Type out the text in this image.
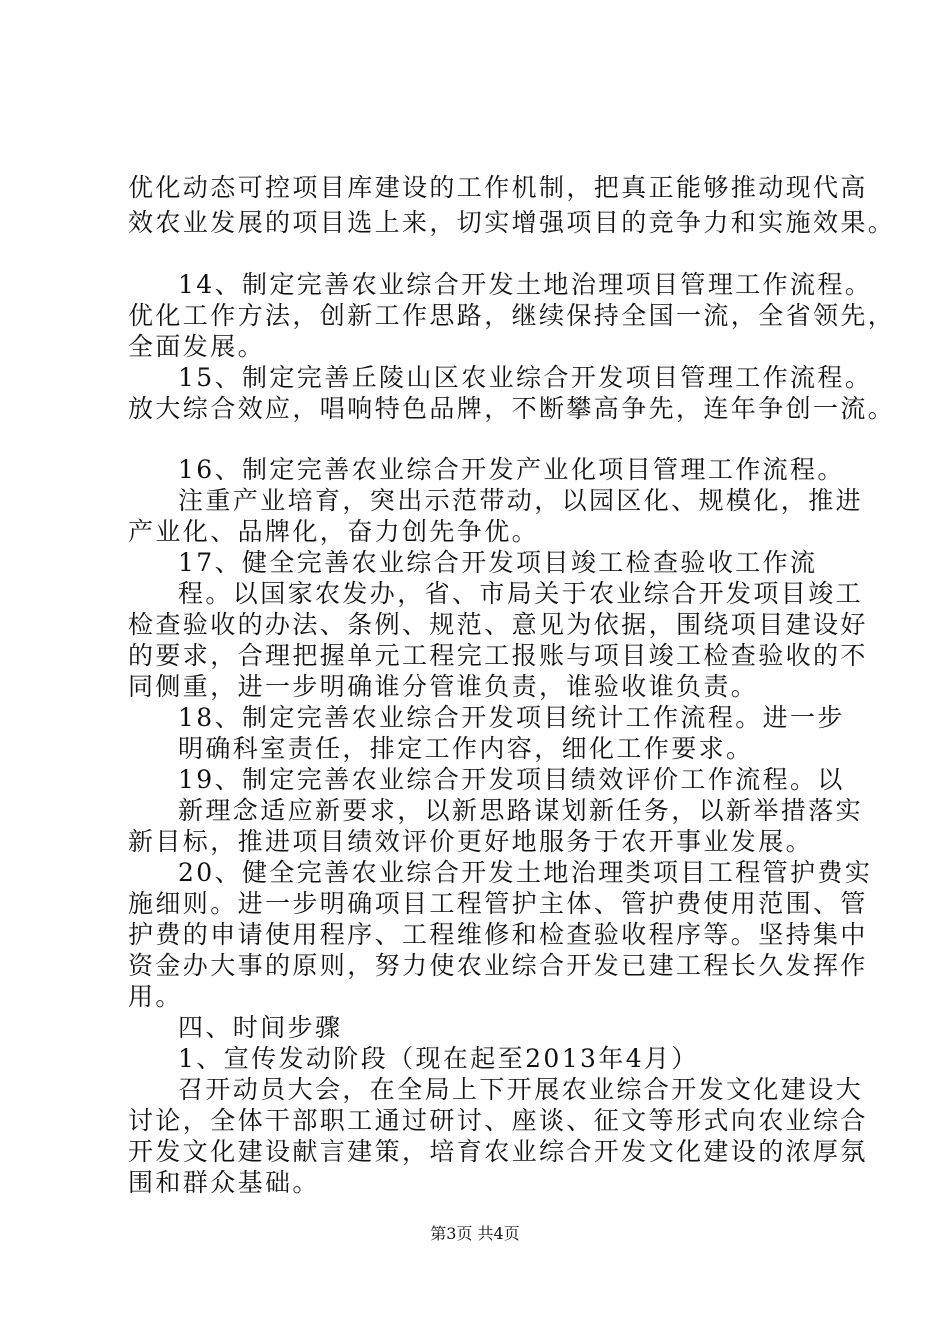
优化动态可控项目库建设的工作机制，把真正能够推动现代高
效农业发展的项目选上来，切实增强项目的竞争力和实施效果。
14、制定完善农业综合开发土地治理项目管理工作流程。
优化工作方法，创新工作思路，继续保持全国一流，全省领先，
全面发展。
15、制定完善丘陵山区农业综合开发项目管理工作流程。
放大综合效应，唱响特色品牌，不断攀高争先，连年争创一流。
16、制定完善农业综合开发产业化项目管理工作流程。
注重产业培育，突出示范带动，以园区化、规模化，推进
产业化、品牌化，奋力创先争优。
17、健全完善农业综合开发项目竣工检查验收工作流
程。以国家农发办，省、市局关于农业综合开发项目竣工
检查验收的办法、条例、规范、意见为依据，围绕项目建设好
的要求，合理把握单元工程完工报账与项目竣工检查验收的不
同侧重，进一步明确谁分管谁负责，谁验收谁负责。
18、制定完善农业综合开发项目统计工作流程。进一步
明确科室责任，排定工作内容，细化工作要求。
19、制定完善农业综合开发项目绩效评价工作流程。以
新理念适应新要求，以新思路谋划新任务，以新举措落实
新目标，推进项目绩效评价更好地服务于农开事业发展。
20、健全完善农业综合开发土地治理类项目工程管护费实
施细则。进一步明确项目工程管护主体、管护费使用范围、管
护费的申请使用程序、工程维修和检查验收程序等。坚持集中
资金办大事的原则，努力使农业综合开发已建工程长久发挥作
用。
四、时间步骤
1、宣传发动阶段（现在起至2013年4月）
召开动员大会，在全局上下开展农业综合开发文化建设大
讨论，全体干部职工通过研讨、座谈、征文等形式向农业综合
开发文化建设献言建策，培育农业综合开发文化建设的浓厚氛
围和群众基础。
第3页 共4页
